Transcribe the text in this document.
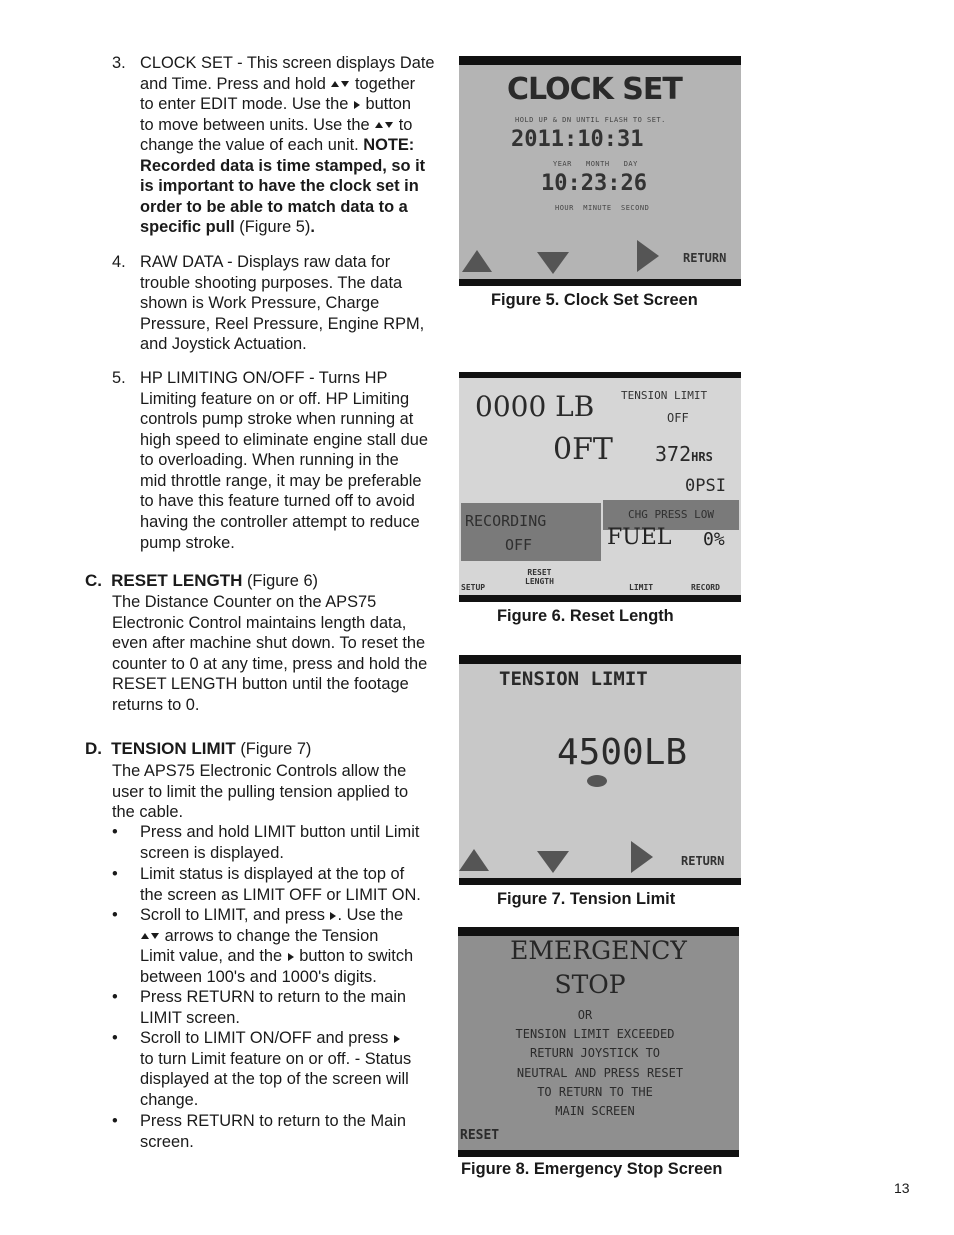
3. CLOCK SET - This screen displays Date
and Time. Press and hold together
to enter EDIT mode. Use the button
to move between units. Use the to
change the value of each unit. NOTE:
Recorded data is time stamped, so it
is important to have the clock set in
order to be able to match data to a
specific pull (Figure 5).
4. RAW DATA - Displays raw data for
trouble shooting purposes. The data
shown is Work Pressure, Charge
Pressure, Reel Pressure, Engine RPM,
and Joystick Actuation.
5. HP LIMITING ON/OFF - Turns HP
Limiting feature on or off. HP Limiting
controls pump stroke when running at
high speed to eliminate engine stall due
to overloading. When running in the
mid throttle range, it may be preferable
to have this feature turned off to avoid
having the controller attempt to reduce
pump stroke.
C. RESET LENGTH (Figure 6)
The Distance Counter on the APS75
Electronic Control maintains length data,
even after machine shut down. To reset the
counter to 0 at any time, press and hold the
RESET LENGTH button until the footage
returns to 0.
D. TENSION LIMIT (Figure 7)
The APS75 Electronic Controls allow the
user to limit the pulling tension applied to
the cable.
• Press and hold LIMIT button until Limit
screen is displayed.
• Limit status is displayed at the top of
the screen as LIMIT OFF or LIMIT ON.
• Scroll to LIMIT, and press . Use the
arrows to change the Tension
Limit value, and the button to switch
between 100's and 1000's digits.
• Press RETURN to return to the main
LIMIT screen.
• Scroll to LIMIT ON/OFF and press
to turn Limit feature on or off. - Status
displayed at the top of the screen will
change.
• Press RETURN to return to the Main
screen.
CLOCK SET
HOLD UP & DN UNTIL FLASH TO SET.
2011:10:31
YEAR   MONTH   DAY
10:23:26
HOUR  MINUTE  SECOND
RETURN
Figure 5. Clock Set Screen
0000 LB TENSION LIMIT
OFF
0FT 372HRS
0PSI
RECORDING
OFF
CHG PRESS LOW
FUEL 0%
SETUP
RESET
LENGTH
LIMIT	RECORD
Figure 6. Reset Length
TENSION LIMIT
4500LB
RETURN
Figure 7. Tension Limit
EMERGENCY
STOP
OR
TENSION LIMIT EXCEEDED
RETURN JOYSTICK TO
NEUTRAL AND PRESS RESET
TO RETURN TO THE
MAIN SCREEN
RESET
Figure 8. Emergency Stop Screen
13
